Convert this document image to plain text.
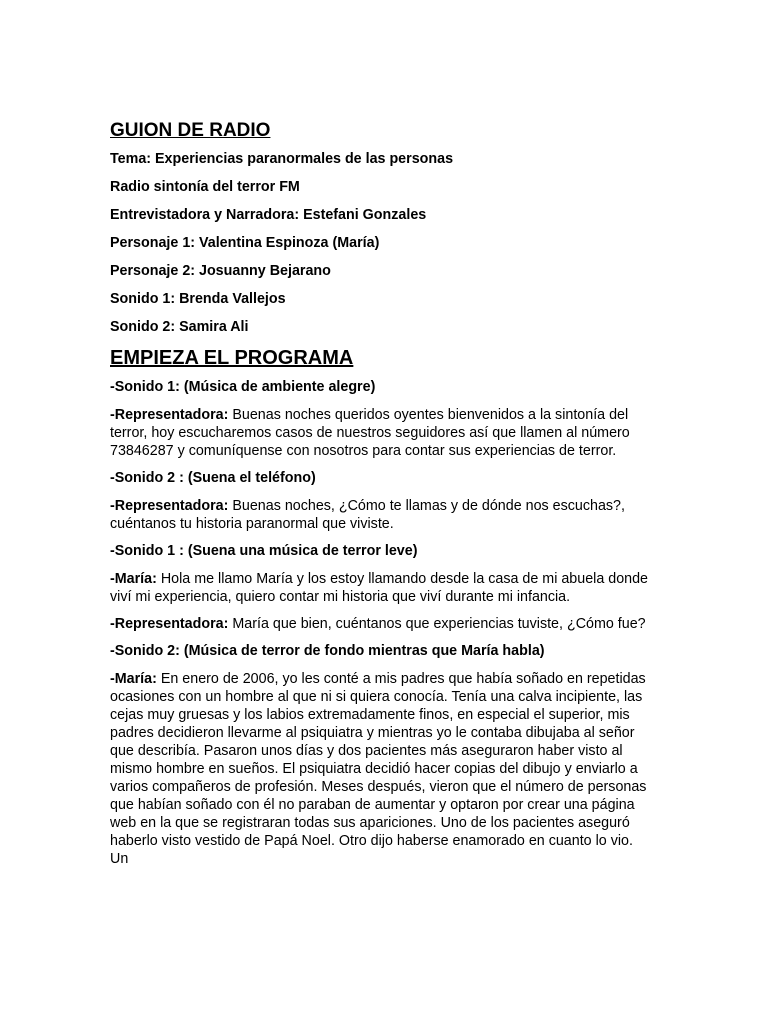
GUION DE RADIO
Tema: Experiencias paranormales de las personas
Radio sintonía del terror FM
Entrevistadora y Narradora: Estefani Gonzales
Personaje 1: Valentina Espinoza (María)
Personaje 2: Josuanny Bejarano
Sonido 1: Brenda Vallejos
Sonido 2: Samira Ali
EMPIEZA EL PROGRAMA
-Sonido 1: (Música de ambiente alegre)
-Representadora: Buenas noches queridos oyentes bienvenidos a la sintonía del terror, hoy escucharemos casos de nuestros seguidores así que llamen al número 73846287 y comuníquense con nosotros para contar sus experiencias de terror.
-Sonido 2 : (Suena el teléfono)
-Representadora: Buenas noches, ¿Cómo te llamas y de dónde nos escuchas?, cuéntanos tu historia paranormal que viviste.
-Sonido 1 : (Suena una música de terror leve)
-María: Hola me llamo María y los estoy llamando desde la casa de mi abuela donde viví mi experiencia, quiero contar mi historia que viví durante mi infancia.
-Representadora: María que bien, cuéntanos que experiencias tuviste, ¿Cómo fue?
-Sonido 2: (Música de terror de fondo mientras que María habla)
-María: En enero de 2006, yo les conté a mis padres que había soñado en repetidas ocasiones con un hombre al que ni si quiera conocía. Tenía una calva incipiente, las cejas muy gruesas y los labios extremadamente finos, en especial el superior, mis padres decidieron llevarme al psiquiatra y mientras yo le contaba dibujaba al señor que describía. Pasaron unos días y dos pacientes más aseguraron haber visto al mismo hombre en sueños. El psiquiatra decidió hacer copias del dibujo y enviarlo a varios compañeros de profesión. Meses después, vieron que el número de personas que habían soñado con él no paraban de aumentar y optaron por crear una página web en la que se registraran todas sus apariciones. Uno de los pacientes aseguró haberlo visto vestido de Papá Noel. Otro dijo haberse enamorado en cuanto lo vio. Un
